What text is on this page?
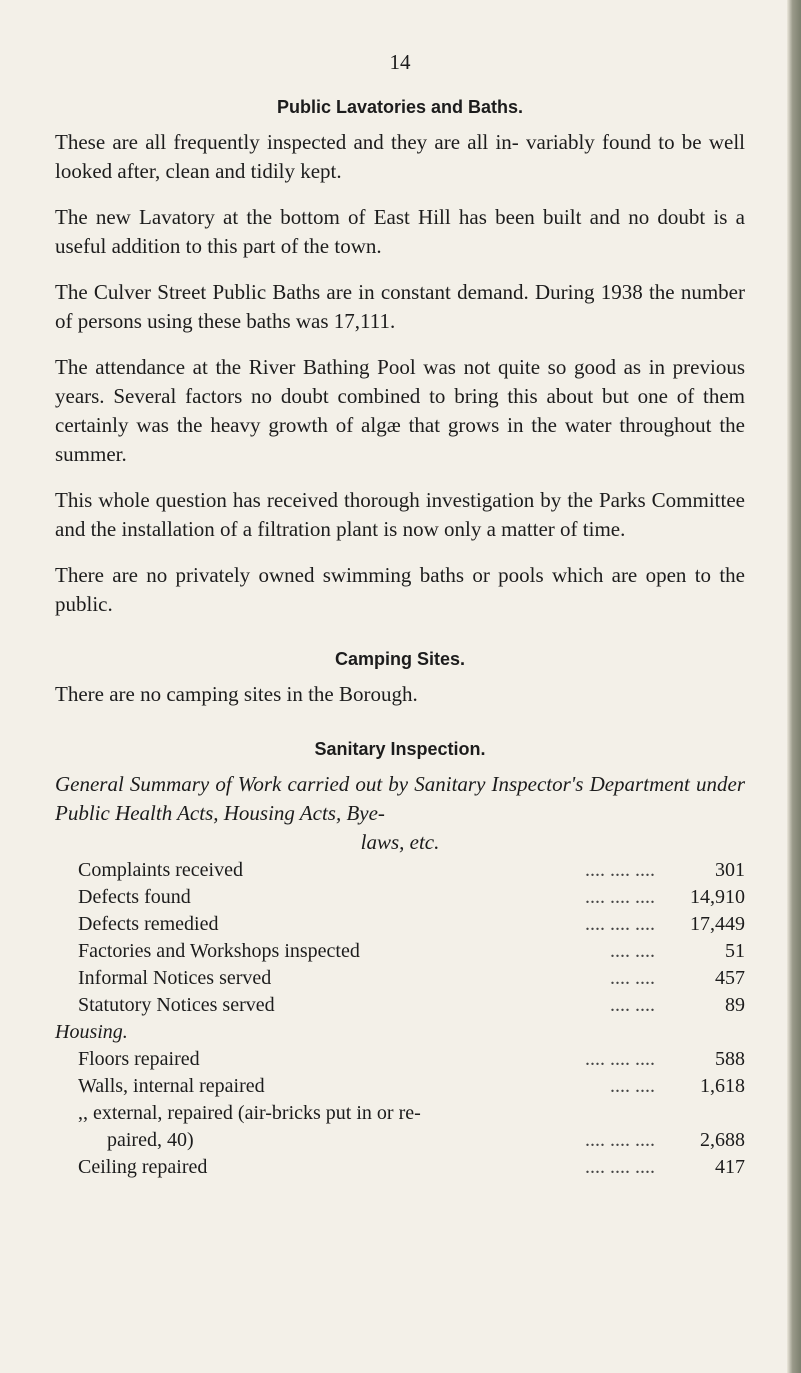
14
Public Lavatories and Baths.

These are all frequently inspected and they are all in- variably found to be well looked after, clean and tidily kept.

The new Lavatory at the bottom of East Hill has been built and no doubt is a useful addition to this part of the town.

The Culver Street Public Baths are in constant demand. During 1938 the number of persons using these baths was 17,111.

The attendance at the River Bathing Pool was not quite so good as in previous years. Several factors no doubt combined to bring this about but one of them certainly was the heavy growth of algæ that grows in the water throughout the summer.

This whole question has received thorough investigation by the Parks Committee and the installation of a filtration plant is now only a matter of time.

There are no privately owned swimming baths or pools which are open to the public.

Camping Sites.

There are no camping sites in the Borough.

Sanitary Inspection.

General Summary of Work carried out by Sanitary Inspector's Department under Public Health Acts, Housing Acts, Bye-
laws, etc.

Complaints received	.... .... ....	301
Defects found	.... .... ....	14,910
Defects remedied	.... .... ....	17,449
Factories and Workshops inspected	.... ....	51
Informal Notices served	.... ....	457
Statutory Notices served	.... ....	89
Housing.
Floors repaired	.... .... ....	588
Walls, internal repaired	.... ....	1,618
,, external, repaired (air-bricks put in or re-
paired, 40)	.... .... ....	2,688
Ceiling repaired	.... .... ....	417
